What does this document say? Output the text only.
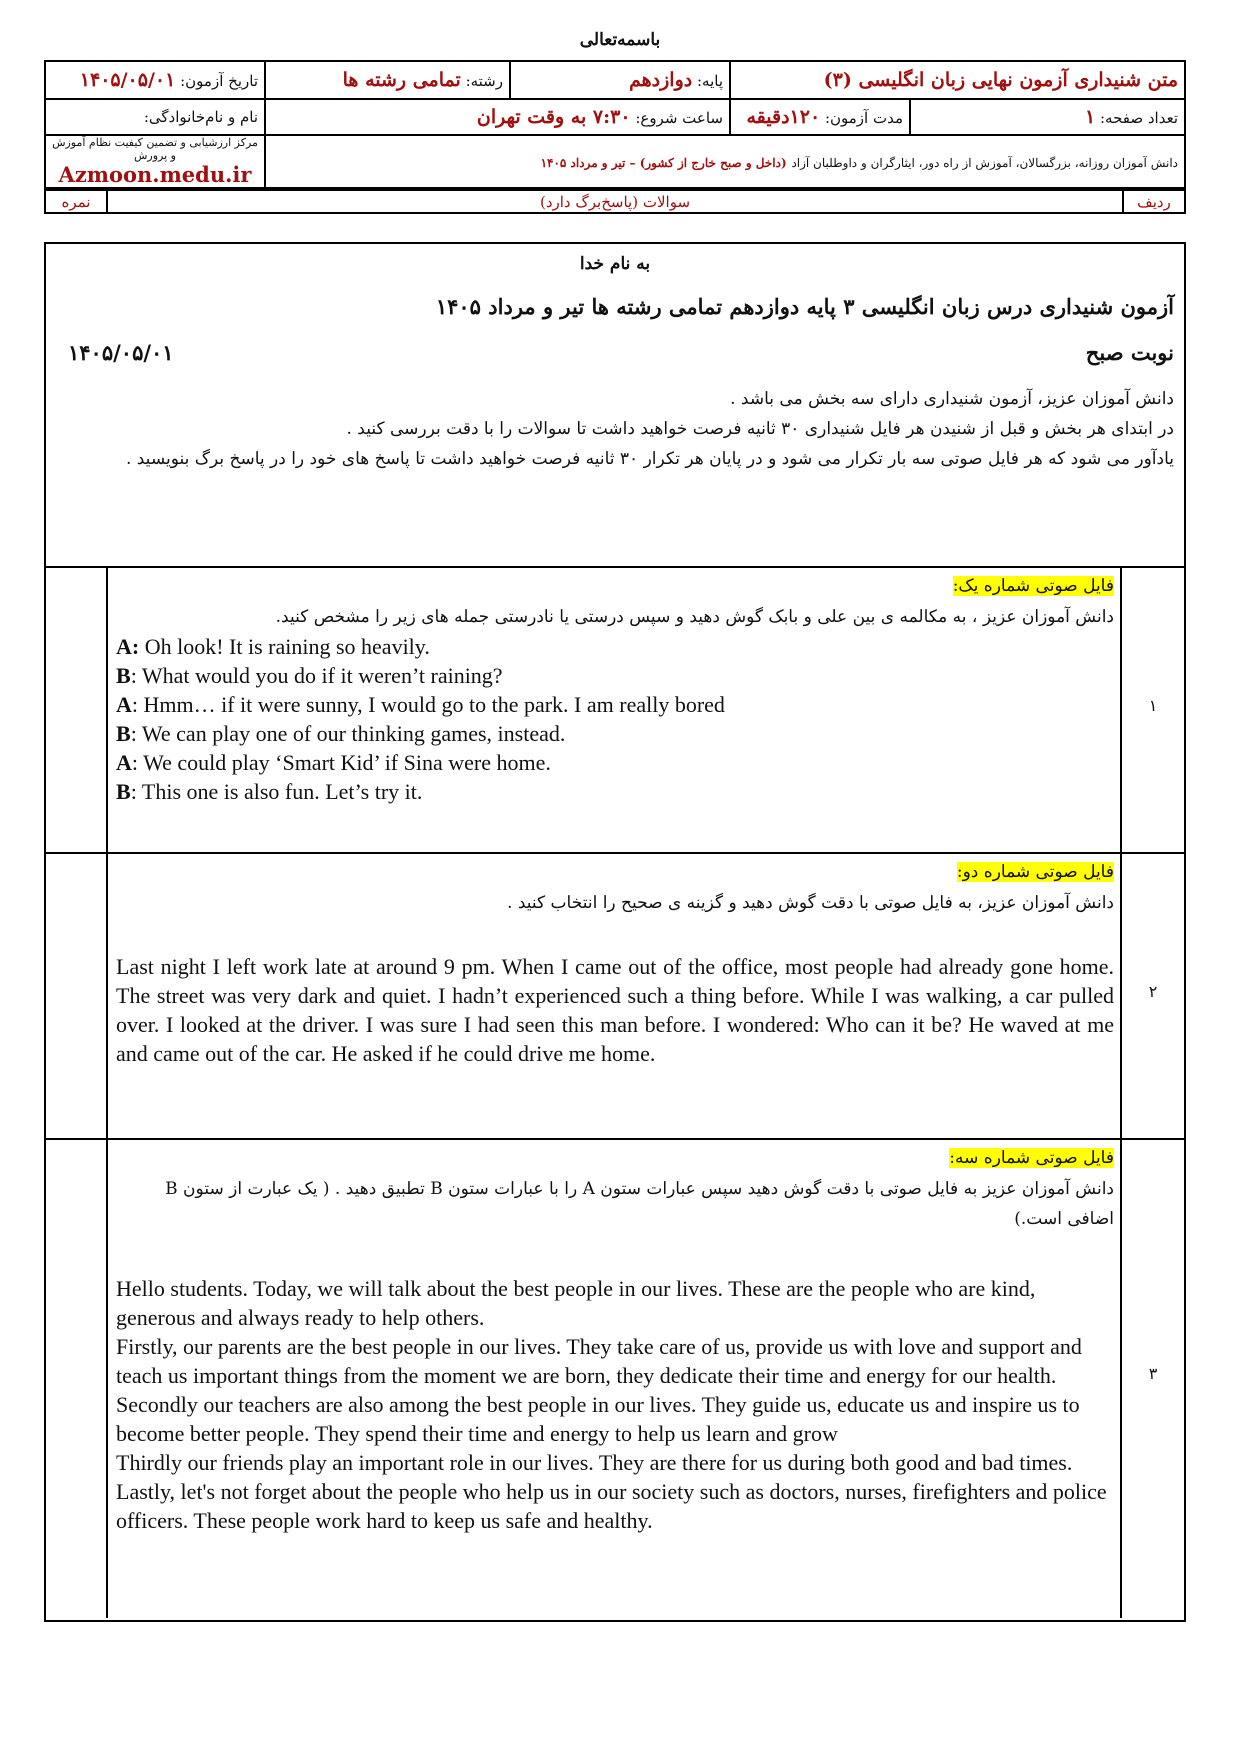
باسمه‌تعالی
متن شنیداری آزمون نهایی زبان انگلیسی (۳)		پایه: دوازدهم	رشته: تمامی رشته ها	تاریخ آزمون: ۱۴۰۵/۰۵/۰۱
تعداد صفحه: ۱	مدت آزمون: ۱۲۰دقیقه	ساعت شروع: ۷:۳۰ به وقت تهران		نام و نام‌خانوادگی:
دانش آموزان روزانه، بزرگسالان، آموزش از راه دور، ایثارگران و داوطلبان آزاد (داخل و صبح خارج از کشور) – تیر و مرداد ۱۴۰۵				مرکز ارزشیابی و تضمین کیفیت نظام آموزش و پرورش
Azmoon.medu.ir
ردیف	سوالات (پاسخ‌برگ دارد)	نمره
به نام خدا
آزمون شنیداری درس زبان انگلیسی ۳ پایه دوازدهم تمامی رشته ها تیر و مرداد ۱۴۰۵
نوبت صبح
۱۴۰۵/۰۵/۰۱
دانش آموزان عزیز، آزمون شنیداری دارای سه بخش می باشد .
در ابتدای هر بخش و قبل از شنیدن هر فایل شنیداری ۳۰ ثانیه فرصت خواهید داشت تا سوالات را با دقت بررسی کنید .
یادآور می شود که هر فایل صوتی سه بار تکرار می شود و در پایان هر تکرار ۳۰ ثانیه فرصت خواهید داشت تا پاسخ های خود را در پاسخ برگ بنویسید .
۱
فایل صوتی شماره یک:
دانش آموزان عزیز ، به مکالمه ی بین علی و بابک گوش دهید و سپس درستی یا نادرستی جمله های زیر را مشخص کنید.

A: Oh look! It is raining so heavily.

B: What would you do if it weren’t raining?

A: Hmm… if it were sunny, I would go to the park. I am really bored

B: We can play one of our thinking games, instead.

A: We could play ‘Smart Kid’ if Sina were home.

B: This one is also fun. Let’s try it.

۲
فایل صوتی شماره دو:
دانش آموزان عزیز، به فایل صوتی با دقت گوش دهید و گزینه ی صحیح را انتخاب کنید .
Last night I left work late at around 9 pm. When I came out of the office, most people had already gone home. The street was very dark and quiet. I hadn’t experienced such a thing before. While I was walking, a car pulled over. I looked at the driver. I was sure I had seen this man before. I wondered: Who can it be? He waved at me and came out of the car. He asked if he could drive me home.
۳
فایل صوتی شماره سه:
دانش آموزان عزیز به فایل صوتی با دقت گوش دهید سپس عبارات ستون A را با عبارات ستون B تطبیق دهید . ( یک عبارت از ستون B اضافی است.)

Hello students. Today, we will talk about the best people in our lives. These are the people who are kind, generous and always ready to help others.

Firstly, our parents are the best people in our lives. They take care of us, provide us with love and support and teach us important things from the moment we are born, they dedicate their time and energy for our health.

Secondly our teachers are also among the best people in our lives. They guide us, educate us and inspire us to become better people. They spend their time and energy to help us learn and grow

Thirdly our friends play an important role in our lives. They are there for us during both good and bad times.

Lastly, let's not forget about the people who help us in our society such as doctors, nurses, firefighters and police officers. These people work hard to keep us safe and healthy.
